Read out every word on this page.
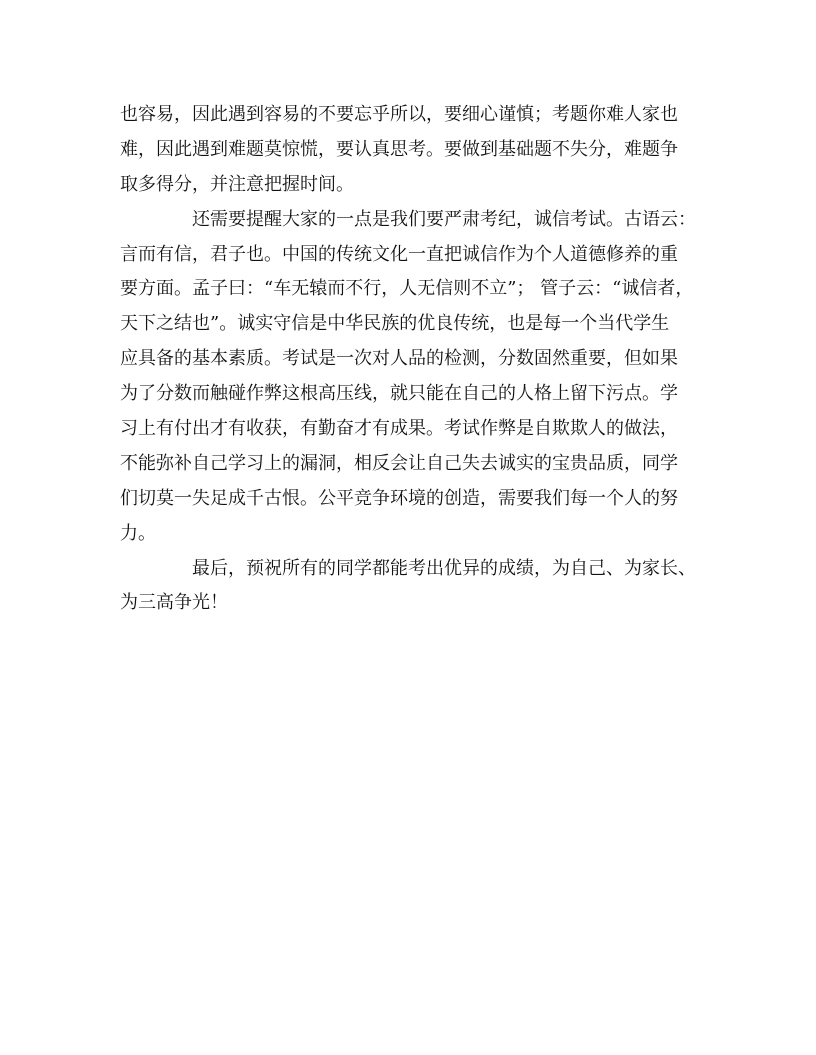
也容易，因此遇到容易的不要忘乎所以，要细心谨慎；考题你难人家也
难，因此遇到难题莫惊慌，要认真思考。要做到基础题不失分，难题争
取多得分，并注意把握时间。
还需要提醒大家的一点是我们要严肃考纪，诚信考试。古语云：
言而有信，君子也。中国的传统文化一直把诚信作为个人道德修养的重
要方面。孟子曰：“车无辕而不行，人无信则不立”； 管子云：“诚信者，
天下之结也”。诚实守信是中华民族的优良传统，也是每一个当代学生
应具备的基本素质。考试是一次对人品的检测，分数固然重要，但如果
为了分数而触碰作弊这根高压线，就只能在自己的人格上留下污点。学
习上有付出才有收获，有勤奋才有成果。考试作弊是自欺欺人的做法，
不能弥补自己学习上的漏洞，相反会让自己失去诚实的宝贵品质，同学
们切莫一失足成千古恨。公平竞争环境的创造，需要我们每一个人的努
力。
最后，预祝所有的同学都能考出优异的成绩，为自己、为家长、
为三高争光！
